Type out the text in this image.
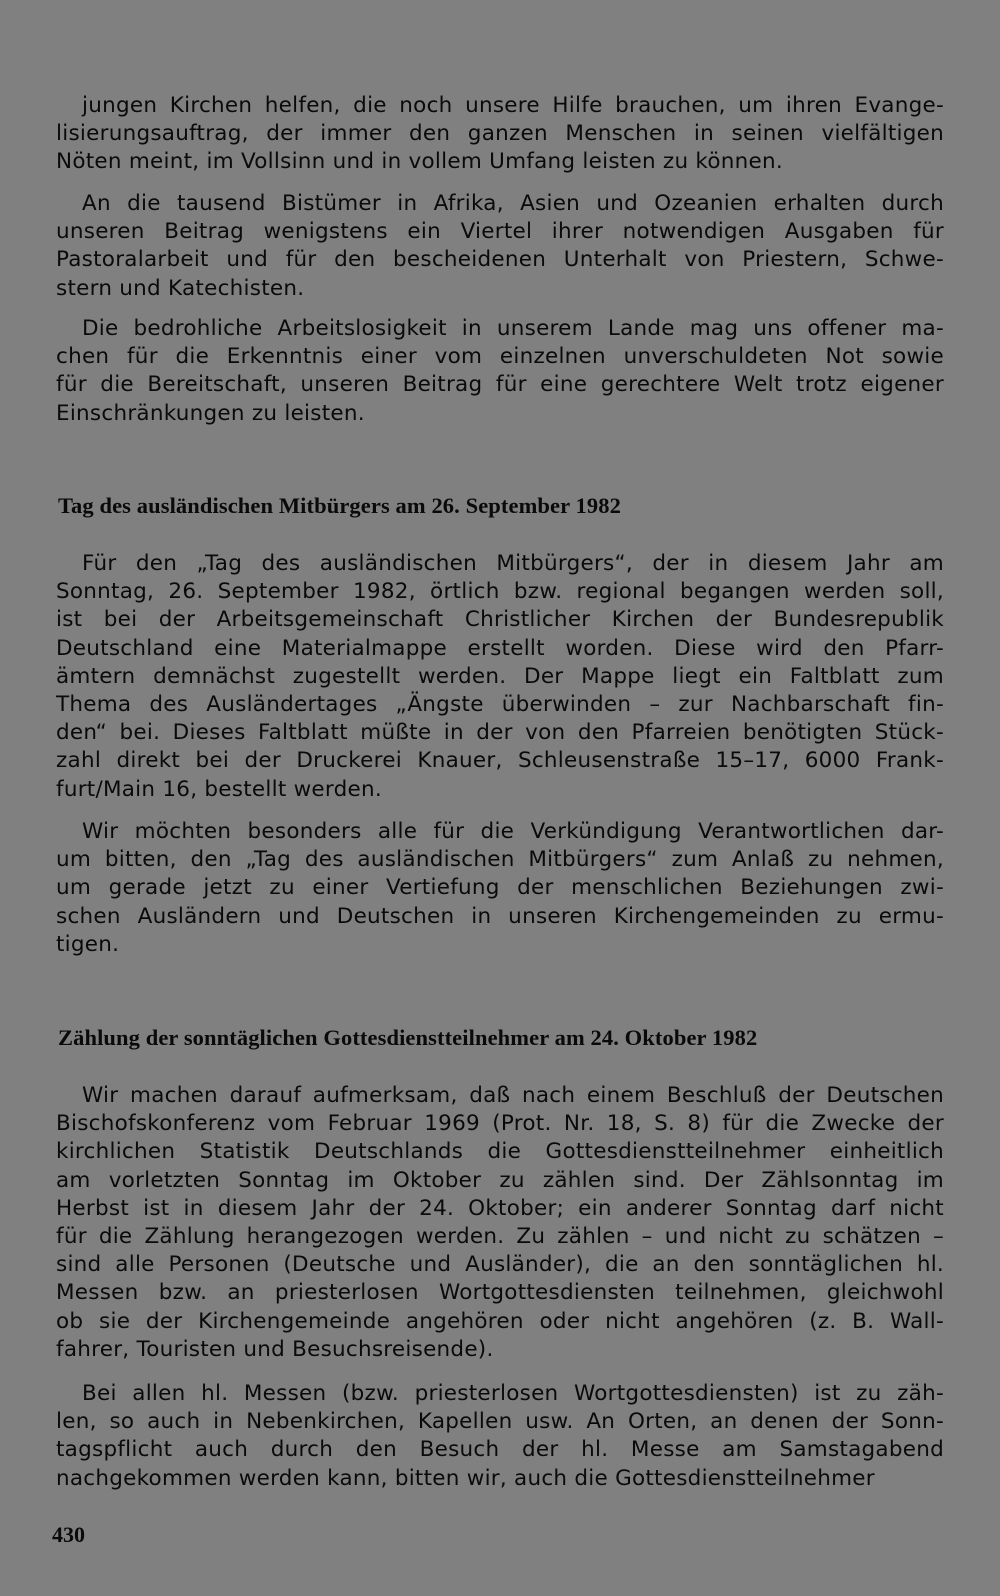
jungen Kirchen helfen, die noch unsere Hilfe brauchen, um ihren Evange-
lisierungsauftrag, der immer den ganzen Menschen in seinen vielfältigen
Nöten meint, im Vollsinn und in vollem Umfang leisten zu können.
An die tausend Bistümer in Afrika, Asien und Ozeanien erhalten durch
unseren Beitrag wenigstens ein Viertel ihrer notwendigen Ausgaben für
Pastoralarbeit und für den bescheidenen Unterhalt von Priestern, Schwe-
stern und Katechisten.
Die bedrohliche Arbeitslosigkeit in unserem Lande mag uns offener ma-
chen für die Erkenntnis einer vom einzelnen unverschuldeten Not sowie
für die Bereitschaft, unseren Beitrag für eine gerechtere Welt trotz eigener
Einschränkungen zu leisten.
Tag des ausländischen Mitbürgers am 26. September 1982
Für den „Tag des ausländischen Mitbürgers“, der in diesem Jahr am
Sonntag, 26. September 1982, örtlich bzw. regional begangen werden soll,
ist bei der Arbeitsgemeinschaft Christlicher Kirchen der Bundesrepublik
Deutschland eine Materialmappe erstellt worden. Diese wird den Pfarr-
ämtern demnächst zugestellt werden. Der Mappe liegt ein Faltblatt zum
Thema des Ausländertages „Ängste überwinden – zur Nachbarschaft fin-
den“ bei. Dieses Faltblatt müßte in der von den Pfarreien benötigten Stück-
zahl direkt bei der Druckerei Knauer, Schleusenstraße 15–17, 6000 Frank-
furt/Main 16, bestellt werden.
Wir möchten besonders alle für die Verkündigung Verantwortlichen dar-
um bitten, den „Tag des ausländischen Mitbürgers“ zum Anlaß zu nehmen,
um gerade jetzt zu einer Vertiefung der menschlichen Beziehungen zwi-
schen Ausländern und Deutschen in unseren Kirchengemeinden zu ermu-
tigen.
Zählung der sonntäglichen Gottesdienstteilnehmer am 24. Oktober 1982
Wir machen darauf aufmerksam, daß nach einem Beschluß der Deutschen
Bischofskonferenz vom Februar 1969 (Prot. Nr. 18, S. 8) für die Zwecke der
kirchlichen Statistik Deutschlands die Gottesdienstteilnehmer einheitlich
am vorletzten Sonntag im Oktober zu zählen sind. Der Zählsonntag im
Herbst ist in diesem Jahr der 24. Oktober; ein anderer Sonntag darf nicht
für die Zählung herangezogen werden. Zu zählen – und nicht zu schätzen –
sind alle Personen (Deutsche und Ausländer), die an den sonntäglichen hl.
Messen bzw. an priesterlosen Wortgottesdiensten teilnehmen, gleichwohl
ob sie der Kirchengemeinde angehören oder nicht angehören (z. B. Wall-
fahrer, Touristen und Besuchsreisende).
Bei allen hl. Messen (bzw. priesterlosen Wortgottesdiensten) ist zu zäh-
len, so auch in Nebenkirchen, Kapellen usw. An Orten, an denen der Sonn-
tagspflicht auch durch den Besuch der hl. Messe am Samstagabend
nachgekommen werden kann, bitten wir, auch die Gottesdienstteilnehmer
430
